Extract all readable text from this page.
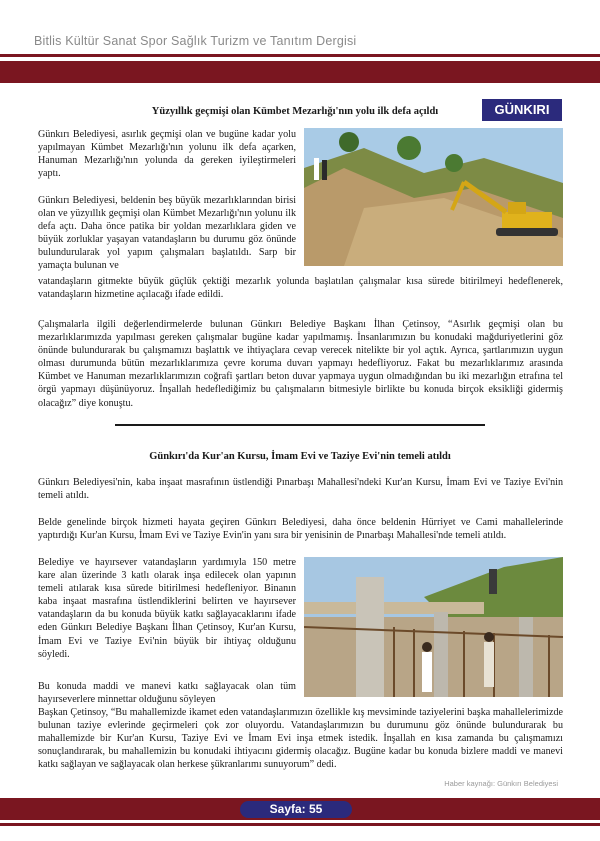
Bitlis Kültür Sanat Spor Sağlık Turizm ve Tanıtım Dergisi
GÜNKIRI
Yüzyıllık geçmişi olan Kümbet Mezarlığı'nın yolu ilk defa açıldı

Günkırı Belediyesi, asırlık geçmişi olan ve bugüne kadar yolu yapılmayan Kümbet Mezarlığı'nın yolunu ilk defa açarken, Hanuman Mezarlığı'nın yolunda da gereken iyileştirmeleri yaptı.

Günkırı Belediyesi, beldenin beş büyük mezarlıklarından birisi olan ve yüzyıllık geçmişi olan Kümbet Mezarlığı'nın yolunu ilk defa açtı. Daha önce patika bir yoldan mezarlıklara giden ve büyük zorluklar yaşayan vatandaşların bu durumu göz önünde bulundurularak yol yapım çalışmaları başlatıldı. Sarp bir yamaçta bulunan ve

vatandaşların gitmekte büyük güçlük çektiği mezarlık yolunda başlatılan çalışmalar kısa sürede bitirilmeyi hedeflenerek, vatandaşların hizmetine açılacağı ifade edildi.

Çalışmalarla ilgili değerlendirmelerde bulunan Günkırı Belediye Başkanı İlhan Çetinsoy, “Asırlık geçmişi olan bu mezarlıklarımızda yapılması gereken çalışmalar bugüne kadar yapılmamış. İnsanlarımızın bu konudaki mağduriyetlerini göz önünde bulundurarak bu çalışmamızı başlattık ve ihtiyaçlara cevap verecek nitelikte bir yol açtık. Ayrıca, şartlarımızın uygun olması durumunda bütün mezarlıklarımıza çevre koruma duvarı yapmayı hedefliyoruz. Fakat bu mezarlıklarımız arasında Kümbet ve Hanuman mezarlıklarımızın coğrafi şartları beton duvar yapmaya uygun olmadığından bu iki mezarlığın etrafına tel örgü yapmayı düşünüyoruz. İnşallah hedeflediğimiz bu çalışmaların bitmesiyle birlikte bu konuda birçok eksikliği gidermiş olacağız” diye konuştu.

Günkırı'da Kur'an Kursu, İmam Evi ve Taziye Evi'nin temeli atıldı

Günkırı Belediyesi'nin, kaba inşaat masrafının üstlendiği Pınarbaşı Mahallesi'ndeki Kur'an Kursu, İmam Evi ve Taziye Evi'nin temeli atıldı.

Belde genelinde birçok hizmeti hayata geçiren Günkırı Belediyesi, daha önce beldenin Hürriyet ve Cami mahallelerinde yaptırdığı Kur'an Kursu, İmam Evi ve Taziye Evin'in yanı sıra bir yenisinin de Pınarbaşı Mahallesi'nde temeli atıldı.

Belediye ve hayırsever vatandaşların yardımıyla 150 metre kare alan üzerinde 3 katlı olarak inşa edilecek olan yapının temeli atılarak kısa sürede bitirilmesi hedefleniyor. Binanın kaba inşaat masrafına üstlendiklerini belirten ve hayırsever vatandaşların da bu konuda büyük katkı sağlayacaklarını ifade eden Günkırı Belediye Başkanı İlhan Çetinsoy, Kur'an Kursu, İmam Evi ve Taziye Evi'nin büyük bir ihtiyaç olduğunu söyledi.

Bu konuda maddi ve manevi katkı sağlayacak olan tüm hayırseverlere minnettar olduğunu söyleyen

Başkan Çetinsoy, “Bu mahallemizde ikamet eden vatandaşlarımızın özellikle kış mevsiminde taziyelerini başka mahallelerimizde bulunan taziye evlerinde geçirmeleri çok zor oluyordu. Vatandaşlarımızın bu durumunu göz önünde bulundurarak bu mahallemizde bir Kur'an Kursu, Taziye Evi ve İmam Evi inşa etmek istedik. İnşallah en kısa zamanda bu çalışmamızı sonuçlandırarak, bu mahallemizin bu konudaki ihtiyacını gidermiş olacağız. Bugüne kadar bu konuda bizlere maddi ve manevi katkı sağlayan ve sağlayacak olan herkese şükranlarımı sunuyorum” dedi.

Haber kaynağı: Günkırı Belediyesi
Sayfa: 55
